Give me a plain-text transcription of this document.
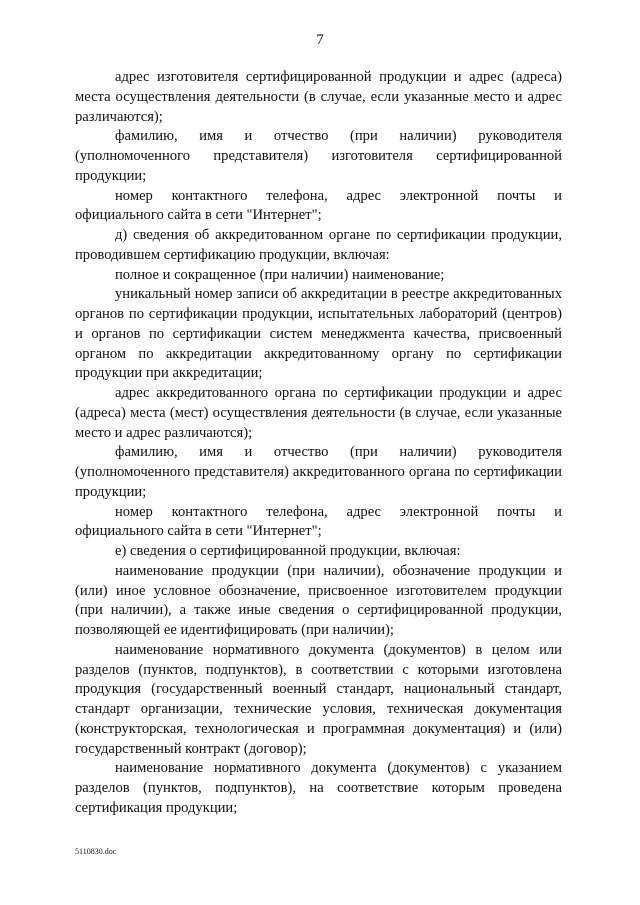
7

адрес изготовителя сертифицированной продукции и адрес (адреса) места осуществления деятельности (в случае, если указанные место и адрес различаются);

фамилию, имя и отчество (при наличии) руководителя (уполномоченного представителя) изготовителя сертифицированной продукции;

номер контактного телефона, адрес электронной почты и официального сайта в сети "Интернет";

д) сведения об аккредитованном органе по сертификации продукции, проводившем сертификацию продукции, включая:

полное и сокращенное (при наличии) наименование;

уникальный номер записи об аккредитации в реестре аккредитованных органов по сертификации продукции, испытательных лабораторий (центров) и органов по сертификации систем менеджмента качества, присвоенный органом по аккредитации аккредитованному органу по сертификации продукции при аккредитации;

адрес аккредитованного органа по сертификации продукции и адрес (адреса) места (мест) осуществления деятельности (в случае, если указанные место и адрес различаются);

фамилию, имя и отчество (при наличии) руководителя (уполномоченного представителя) аккредитованного органа по сертификации продукции;

номер контактного телефона, адрес электронной почты и официального сайта в сети "Интернет";

е) сведения о сертифицированной продукции, включая:

наименование продукции (при наличии), обозначение продукции и (или) иное условное обозначение, присвоенное изготовителем продукции (при наличии), а также иные сведения о сертифицированной продукции, позволяющей ее идентифицировать (при наличии);

наименование нормативного документа (документов) в целом или разделов (пунктов, подпунктов), в соответствии с которыми изготовлена продукция (государственный военный стандарт, национальный стандарт, стандарт организации, технические условия, техническая документация (конструкторская, технологическая и программная документация) и (или) государственный контракт (договор);

наименование нормативного документа (документов) с указанием разделов (пунктов, подпунктов), на соответствие которым проведена сертификация продукции;

5110830.doc
